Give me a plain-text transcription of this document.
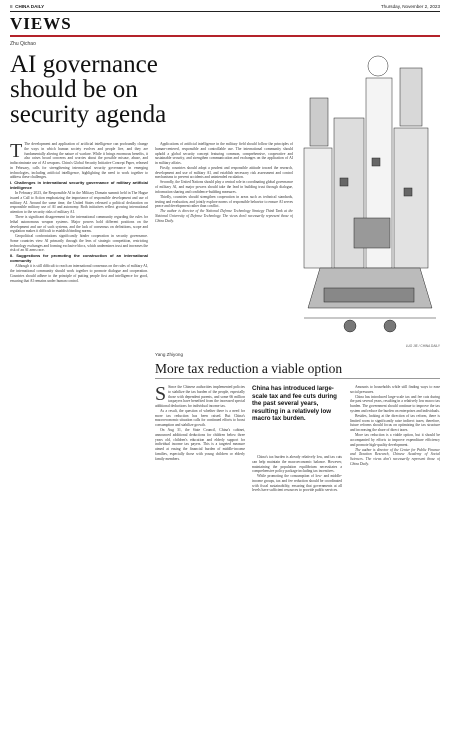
8 CHINA DAILY	Thursday, November 2, 2023
VIEWS
Zhu Qichao
AI governance should be on security agenda

T The development and application of artificial intelligence can profoundly change the ways in which human society evolves and people live, and they are fundamentally altering the nature of warfare. While it brings enormous benefits, it also raises broad concerns and worries about the possible misuse, abuse, and indiscriminate use of AI weapons. China's Global Security Initiative Concept Paper, released in February, calls for strengthening international security governance in emerging technologies, including artificial intelligence, highlighting the need to work together to address these challenges.

I. Challenges in international security governance of military artificial intelligence

In February 2023, the Responsible AI in the Military Domain summit held in The Hague issued a Call to Action emphasizing the importance of responsible development and use of military AI. Around the same time, the United States released a political declaration on responsible military use of AI and autonomy. Both initiatives reflect growing international attention to the security risks of military AI.

There is significant disagreement in the international community regarding the rules for lethal autonomous weapon systems. Major powers hold different positions on the development and use of such systems, and the lack of consensus on definitions, scope and regulation makes it difficult to establish binding norms.

Geopolitical confrontations significantly hinder cooperation in security governance. Some countries view AI primarily through the lens of strategic competition, restricting technology exchanges and forming exclusive blocs, which undermines trust and increases the risk of an AI arms race.

II. Suggestions for promoting the construction of an international community

Although it is still difficult to reach an international consensus on the rules of military AI, the international community should work together to promote dialogue and cooperation. Countries should adhere to the principle of putting people first and intelligence for good, ensuring that AI remains under human control.

Applications of artificial intelligence in the military field should follow the principles of human-centered, responsible and controllable use. The international community should uphold a global security concept featuring common, comprehensive, cooperative and sustainable security, and strengthen communication and exchanges on the application of AI in military affairs.

Firstly, countries should adopt a prudent and responsible attitude toward the research, development and use of military AI, and establish necessary risk assessment and control mechanisms to prevent accidents and unintended escalation.

Secondly, the United Nations should play a central role in coordinating global governance of military AI, and major powers should take the lead in building trust through dialogue, information sharing and confidence-building measures.

Thirdly, countries should strengthen cooperation in areas such as technical standards, testing and evaluation, and jointly explore norms of responsible behavior to ensure AI serves peace and development rather than conflict.

The author is director of the National Defense Technology Strategy Think Tank at the National University of Defense Technology. The views don't necessarily represent those of China Daily.

LUO JIE / CHINA DAILY
Yang Zhiyong
More tax reduction a viable option

S Since the Chinese authorities implemented policies to stabilize the tax burden of the people, especially those with dependent parents, and some 66 million taxpayers have benefited from the increased special additional deductions for individual income tax.

As a result, the question of whether there is a need for more tax reduction has been raised. But China's macroeconomic situation calls for continued efforts to boost consumption and stabilize growth.

On Aug 31, the State Council, China's cabinet, announced additional deductions for children below three years old, children's education and elderly support for individual income tax payers. This is a targeted measure aimed at easing the financial burden of middle-income families, especially those with young children or elderly family members.

China has introduced large-scale tax and fee cuts during the past several years, resulting in a relatively low macro tax burden.

China's tax burden is already relatively low, and tax cuts can help maintain the macroeconomic balance. However, maintaining the population equilibrium necessitates a comprehensive policy package including tax incentives.

While promoting the consumption of low- and middle-income groups, tax and fee reduction should be coordinated with fiscal sustainability, ensuring that governments at all levels have sufficient resources to provide public services.

Amounts to households while still finding ways to ease social pressures.

China has introduced large-scale tax and fee cuts during the past several years, resulting in a relatively low macro tax burden. The government should continue to improve the tax system and reduce the burden on enterprises and individuals.

Besides, looking at the direction of tax reform, there is limited room to significantly raise indirect taxes; therefore, future reforms should focus on optimizing the tax structure and increasing the share of direct taxes.

More tax reduction is a viable option, but it should be accompanied by efforts to improve expenditure efficiency and promote high-quality development.

The author is director of the Center for Public Finance and Taxation Research, Chinese Academy of Social Sciences. The views don't necessarily represent those of China Daily.
